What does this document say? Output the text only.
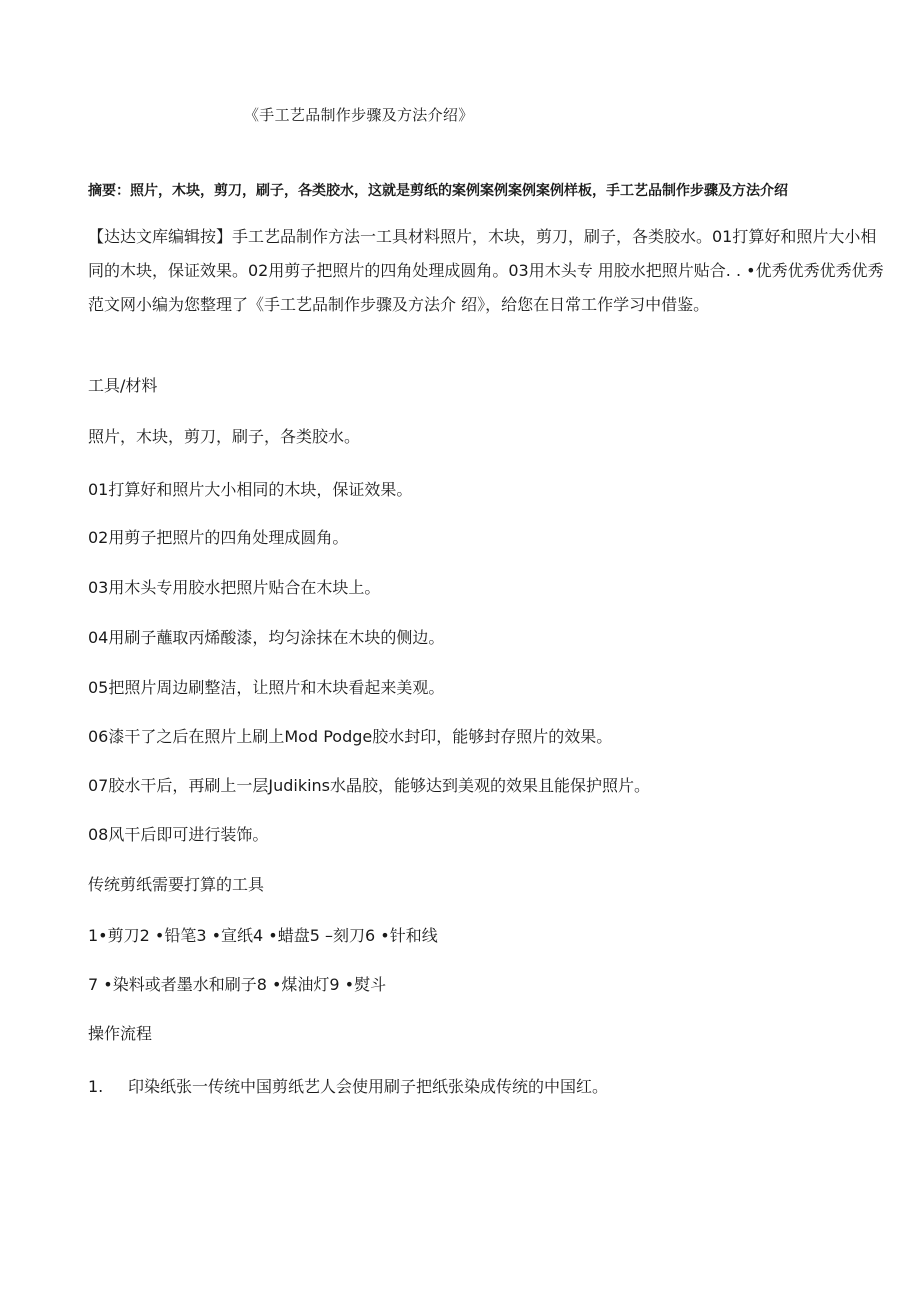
《手工艺品制作步骤及方法介绍》
摘要：照片，木块，剪刀，刷子，各类胶水，这就是剪纸的案例案例案例案例样板，手工艺品制作步骤及方法介绍
【达达文库编辑按】手工艺品制作方法一工具材料照片，木块，剪刀，刷子，各类胶水。01打算好和照片大小相同的木块，保证效果。02用剪子把照片的四角处理成圆角。03用木头专 用胶水把照片贴合. . •优秀优秀优秀优秀范文网小编为您整理了《手工艺品制作步骤及方法介 绍》，给您在日常工作学习中借鉴。
工具/材料
照片，木块，剪刀，刷子，各类胶水。
01打算好和照片大小相同的木块，保证效果。
02用剪子把照片的四角处理成圆角。
03用木头专用胶水把照片贴合在木块上。
04用刷子蘸取丙烯酸漆，均匀涂抹在木块的侧边。
05把照片周边刷整洁，让照片和木块看起来美观。
06漆干了之后在照片上刷上Mod Podge胶水封印，能够封存照片的效果。
07胶水干后，再刷上一层Judikins水晶胶，能够达到美观的效果且能保护照片。
08风干后即可进行装饰。
传统剪纸需要打算的工具
1•剪刀2 •铅笔3 •宣纸4 •蜡盘5 –刻刀6 •针和线
7 •染料或者墨水和刷子8 •煤油灯9 •熨斗
操作流程
1. 印染纸张一传统中国剪纸艺人会使用刷子把纸张染成传统的中国红。
